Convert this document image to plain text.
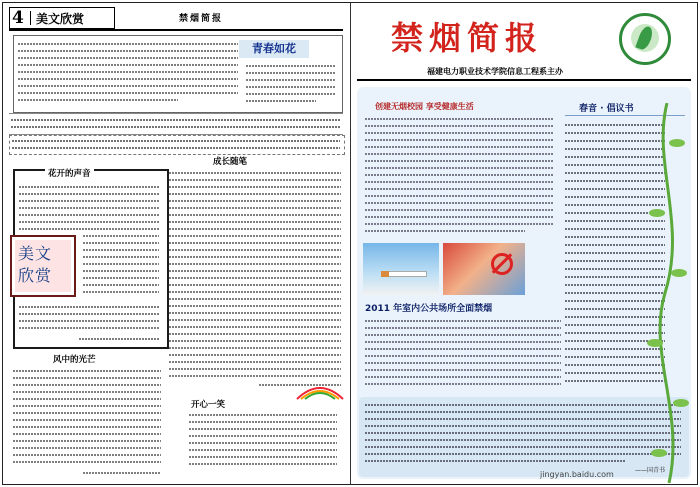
4 美文欣赏	禁烟简报
青春如花
花开的声音
美文
欣赏
成长随笔
风中的光芒
开心一笑
禁烟简报
福建电力职业技术学院信息工程系主办
创建无烟校园 享受健康生活	春音 · 倡议书
2011 年室内公共场所全面禁烟
——国青书
jingyan.baidu.com
